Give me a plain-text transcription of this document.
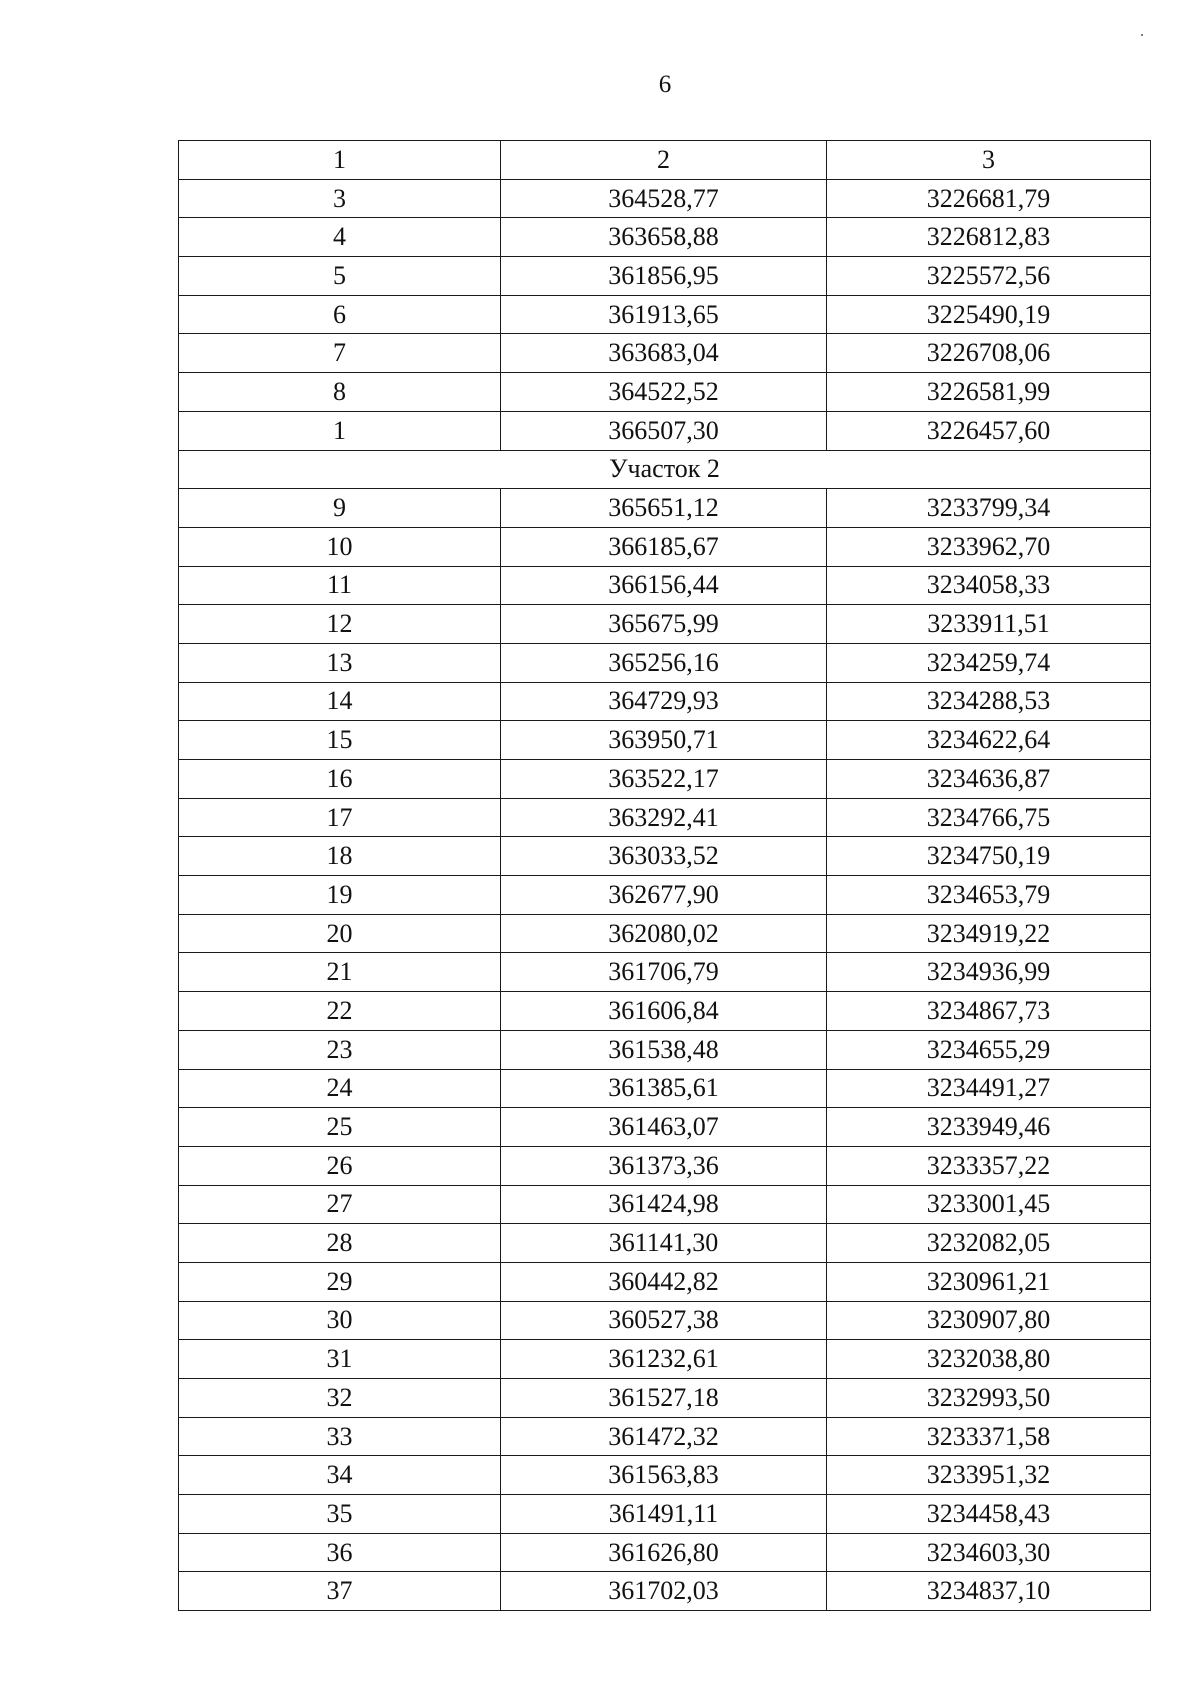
6
1	2	3
3	364528,77	3226681,79
4	363658,88	3226812,83
5	361856,95	3225572,56
6	361913,65	3225490,19
7	363683,04	3226708,06
8	364522,52	3226581,99
1	366507,30	3226457,60
Участок 2		
9	365651,12	3233799,34
10	366185,67	3233962,70
11	366156,44	3234058,33
12	365675,99	3233911,51
13	365256,16	3234259,74
14	364729,93	3234288,53
15	363950,71	3234622,64
16	363522,17	3234636,87
17	363292,41	3234766,75
18	363033,52	3234750,19
19	362677,90	3234653,79
20	362080,02	3234919,22
21	361706,79	3234936,99
22	361606,84	3234867,73
23	361538,48	3234655,29
24	361385,61	3234491,27
25	361463,07	3233949,46
26	361373,36	3233357,22
27	361424,98	3233001,45
28	361141,30	3232082,05
29	360442,82	3230961,21
30	360527,38	3230907,80
31	361232,61	3232038,80
32	361527,18	3232993,50
33	361472,32	3233371,58
34	361563,83	3233951,32
35	361491,11	3234458,43
36	361626,80	3234603,30
37	361702,03	3234837,10
